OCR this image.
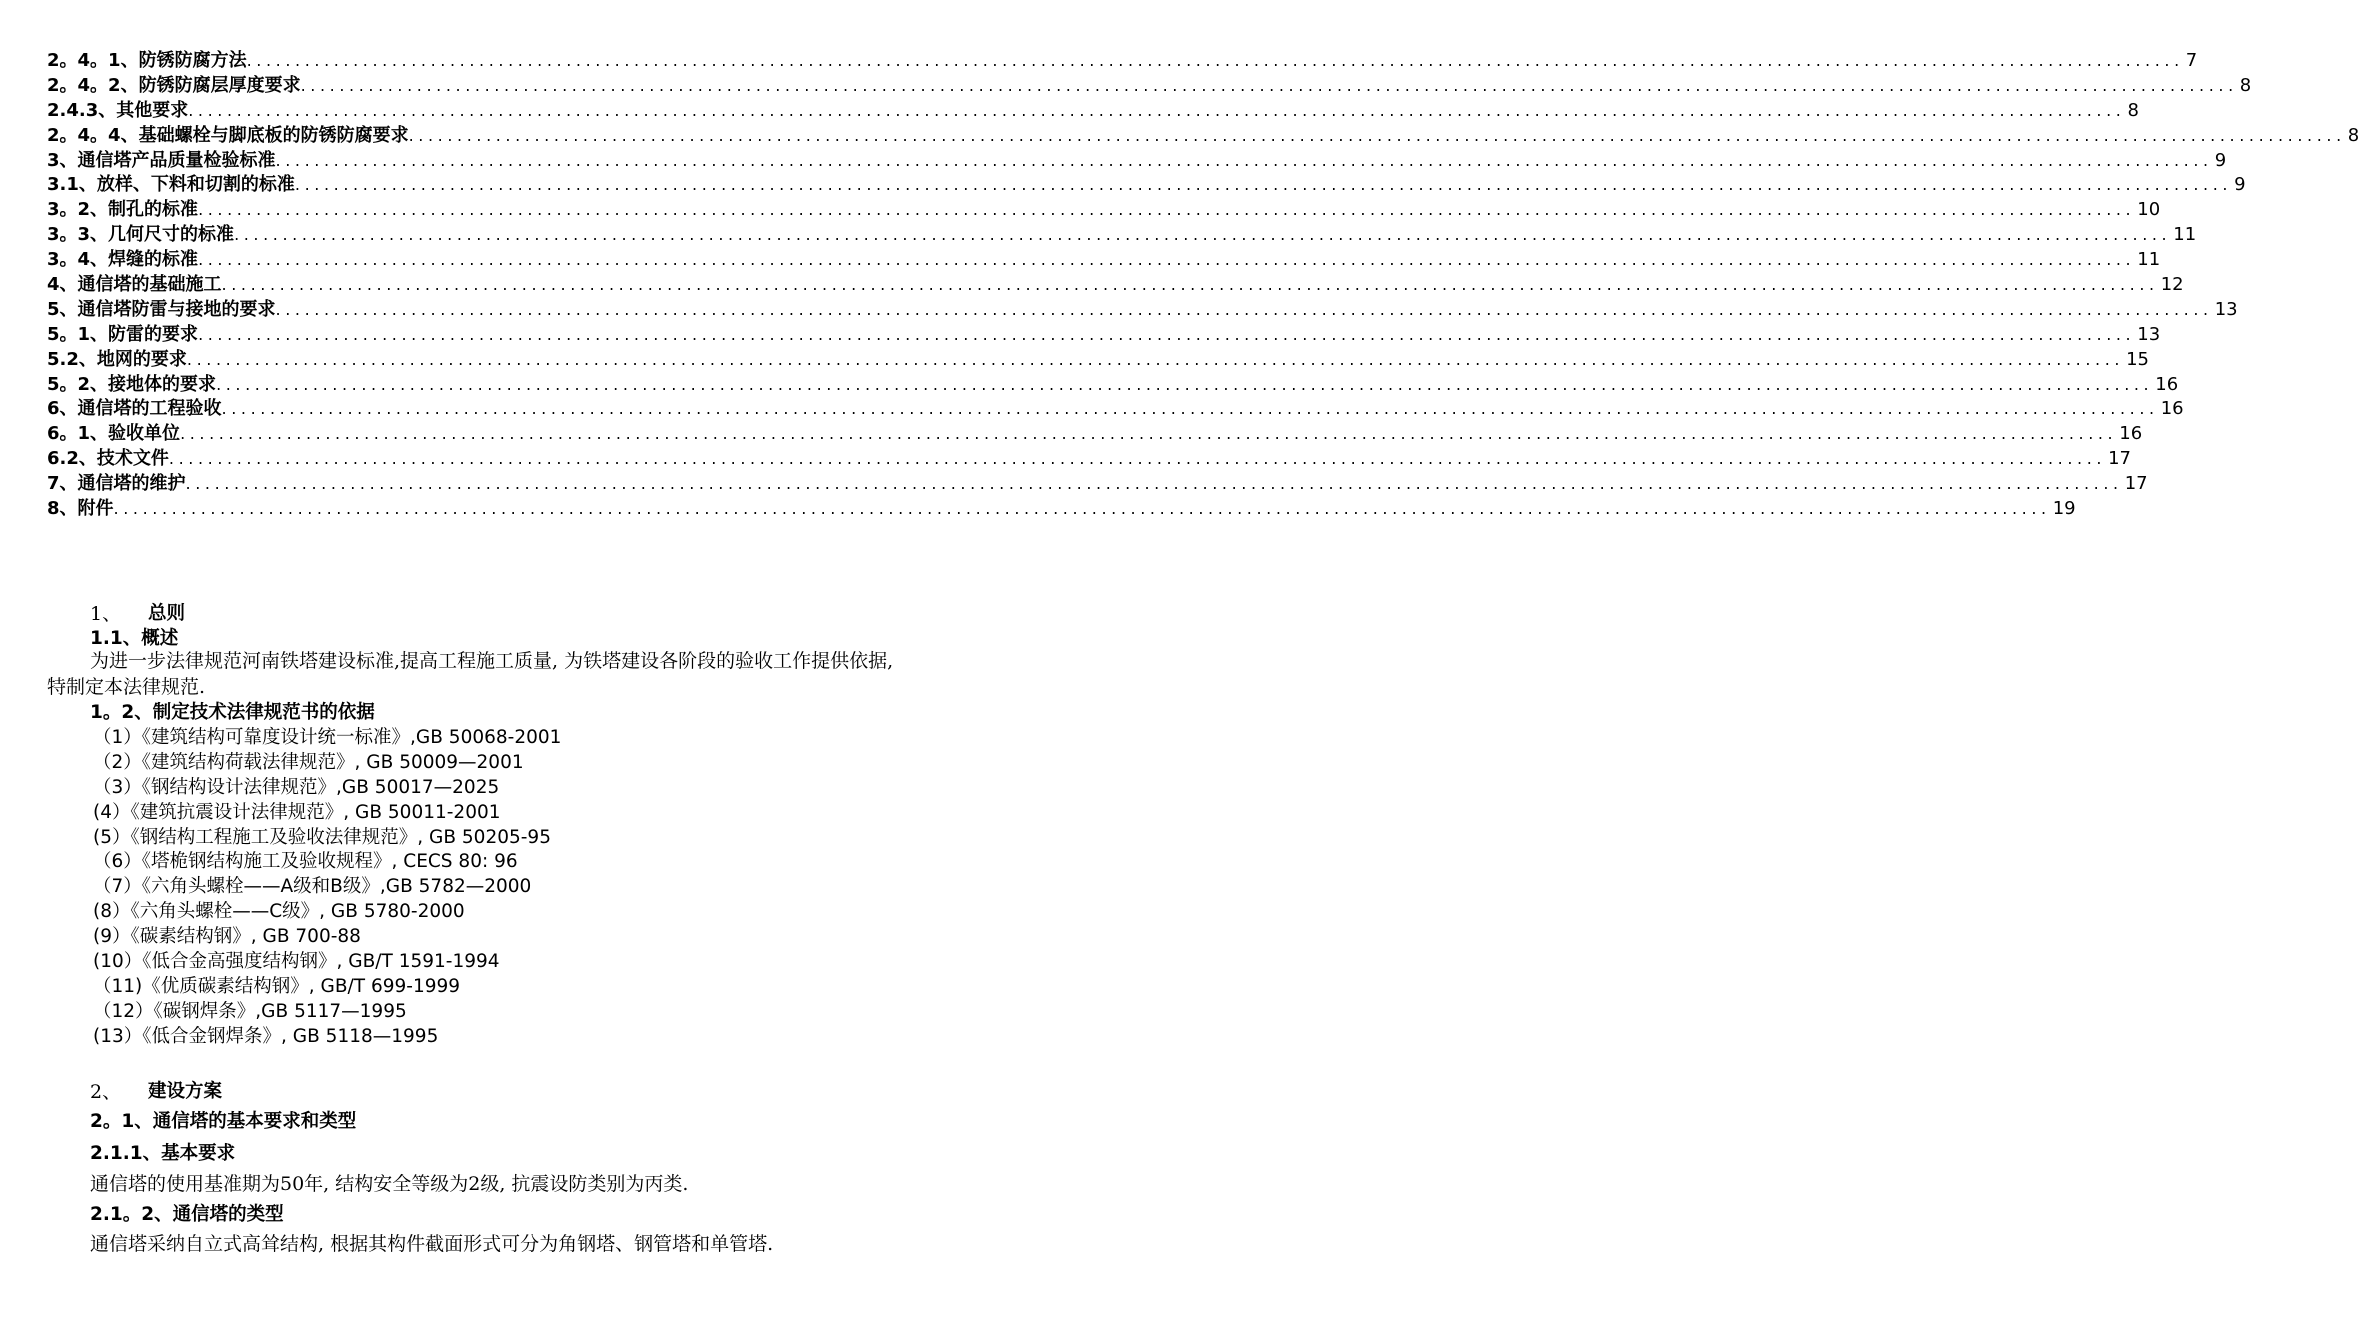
2。4。1、防锈防腐方法 ........................................................................................................................................................................................................ 7
2。4。2、防锈防腐层厚度要求 ........................................................................................................................................................................................................ 8
2.4.3、其他要求 ........................................................................................................................................................................................................ 8
2。4。4、基础螺栓与脚底板的防锈防腐要求 ........................................................................................................................................................................................................ 8
3、通信塔产品质量检验标准 ........................................................................................................................................................................................................ 9
3.1、放样、下料和切割的标准 ........................................................................................................................................................................................................ 9
3。2、制孔的标准 ........................................................................................................................................................................................................ 10
3。3、几何尺寸的标准 ........................................................................................................................................................................................................ 11
3。4、焊缝的标准 ........................................................................................................................................................................................................ 11
4、通信塔的基础施工 ........................................................................................................................................................................................................ 12
5、通信塔防雷与接地的要求 ........................................................................................................................................................................................................ 13
5。1、防雷的要求 ........................................................................................................................................................................................................ 13
5.2、地网的要求 ........................................................................................................................................................................................................ 15
5。2、接地体的要求 ........................................................................................................................................................................................................ 16
6、通信塔的工程验收 ........................................................................................................................................................................................................ 16
6。1、验收单位 ........................................................................................................................................................................................................ 16
6.2、技术文件 ........................................................................................................................................................................................................ 17
7、通信塔的维护 ........................................................................................................................................................................................................ 17
8、附件 ........................................................................................................................................................................................................ 19
1、 总则
1.1、概述
为进一步法律规范河南铁塔建设标准,提高工程施工质量, 为铁塔建设各阶段的验收工作提供依据, 特制定本法律规范.
1。2、制定技术法律规范书的依据
（1）《建筑结构可靠度设计统一标准》,GB 50068-2001
（2）《建筑结构荷载法律规范》, GB 50009—2001
（3）《钢结构设计法律规范》,GB 50017—2025
(4）《建筑抗震设计法律规范》, GB 50011-2001
(5）《钢结构工程施工及验收法律规范》, GB 50205-95
（6）《塔桅钢结构施工及验收规程》, CECS 80: 96
（7）《六角头螺栓——A级和B级》,GB 5782—2000
(8）《六角头螺栓——C级》, GB 5780-2000
(9）《碳素结构钢》, GB 700-88
(10）《低合金高强度结构钢》, GB/T 1591-1994
（11)《优质碳素结构钢》, GB/T 699-1999
（12）《碳钢焊条》,GB 5117—1995
(13）《低合金钢焊条》, GB 5118—1995
2、 建设方案
2。1、通信塔的基本要求和类型
2.1.1、基本要求
通信塔的使用基准期为50年, 结构安全等级为2级, 抗震设防类别为丙类.
2.1。2、通信塔的类型
通信塔采纳自立式高耸结构, 根据其构件截面形式可分为角钢塔、钢管塔和单管塔.
